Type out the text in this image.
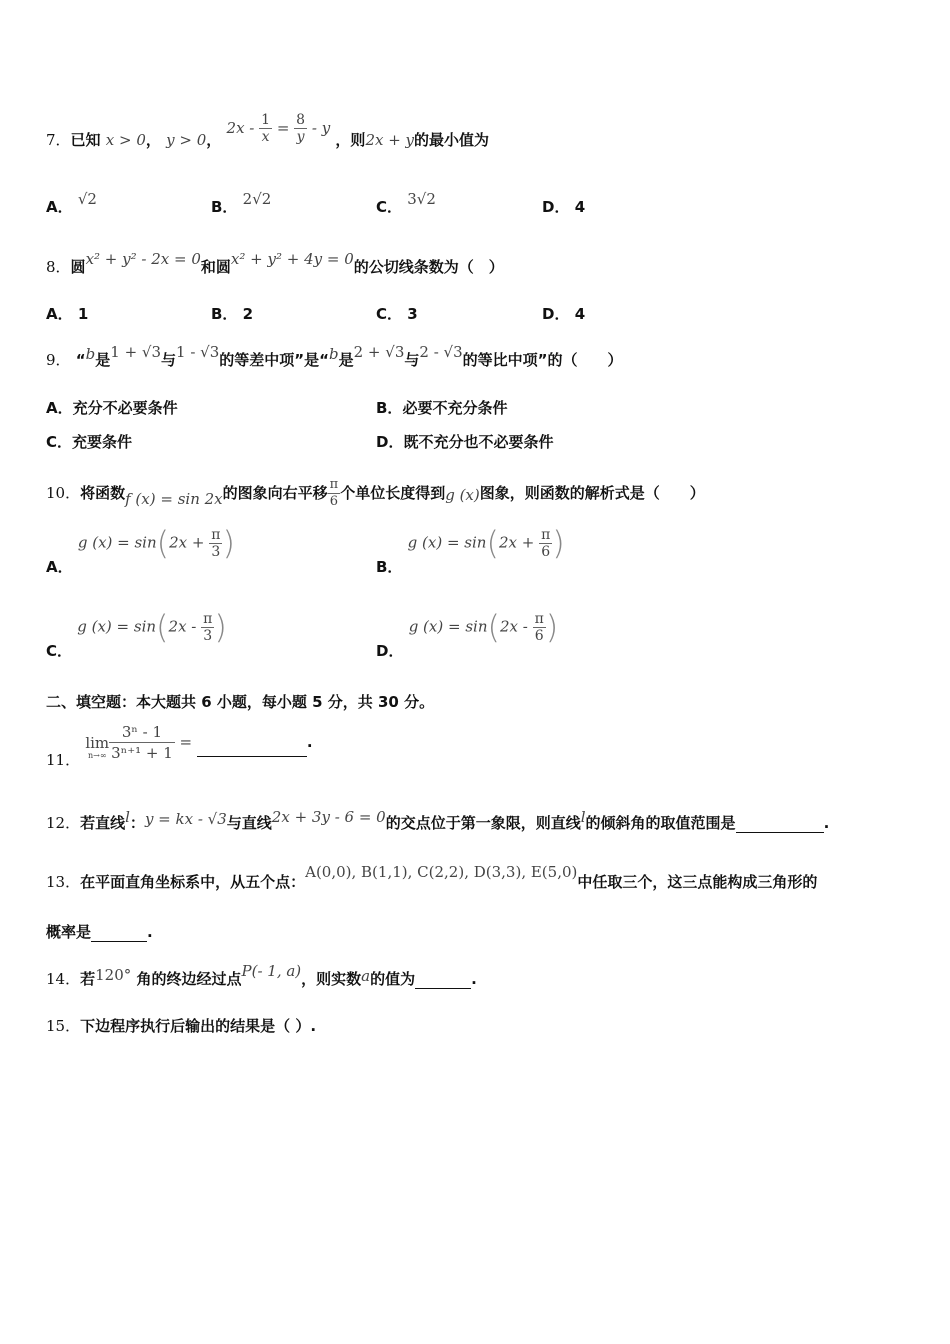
7．已知 x > 0， y > 0， $2x - \frac{1}{x} = \frac{8}{y} - y$ ，则2x + y的最小值为
A． √2	B． 2√2	C． 3√2	D． 4
8．圆x² + y² - 2x = 0和圆x² + y² + 4y = 0的公切线条数为（　）
A． 1	B． 2	C． 3	D． 4
9． “b是1 + √3与1 - √3的等差中项”是“b是2 + √3与2 - √3的等比中项”的（　　）
A．充分不必要条件	B．必要不充分条件
C．充要条件	D．既不充分也不必要条件
10．将函数f (x) = sin 2x的图象向右平移 $\frac{\pi}{6}$ 个单位长度得到g (x)图象，则函数的解析式是（　　）
A． g $(x) = \sin(2x + \frac{\pi}{3}$ )
B． g $(x) = \sin(2x + \frac{\pi}{6}$ )
C． g $(x) = \sin(2x - \frac{\pi}{3}$ )
D． g $(x) = \sin(2x - \frac{\pi}{6}$ )
二、填空题：本大题共 6 小题，每小题 5 分，共 30 分。
11．
lim
$n\to\infty \frac{\text{3ⁿ - 1}}{\text{3ⁿ⁺¹ + 1}}$ =	.
12．若直线l：y = kx - √3与直线2x + 3y - 6 = 0的交点位于第一象限，则直线l的倾斜角的取值范围是	.
13．在平面直角坐标系中，从五个点：A(0,0), B(1,1), C(2,2), D(3,3), E(5,0)中任取三个，这三点能构成三角形的
概率是	.
14．若120° 角的终边经过点P(- 1, a)，则实数a的值为	.
15．下边程序执行后输出的结果是（ ）.
